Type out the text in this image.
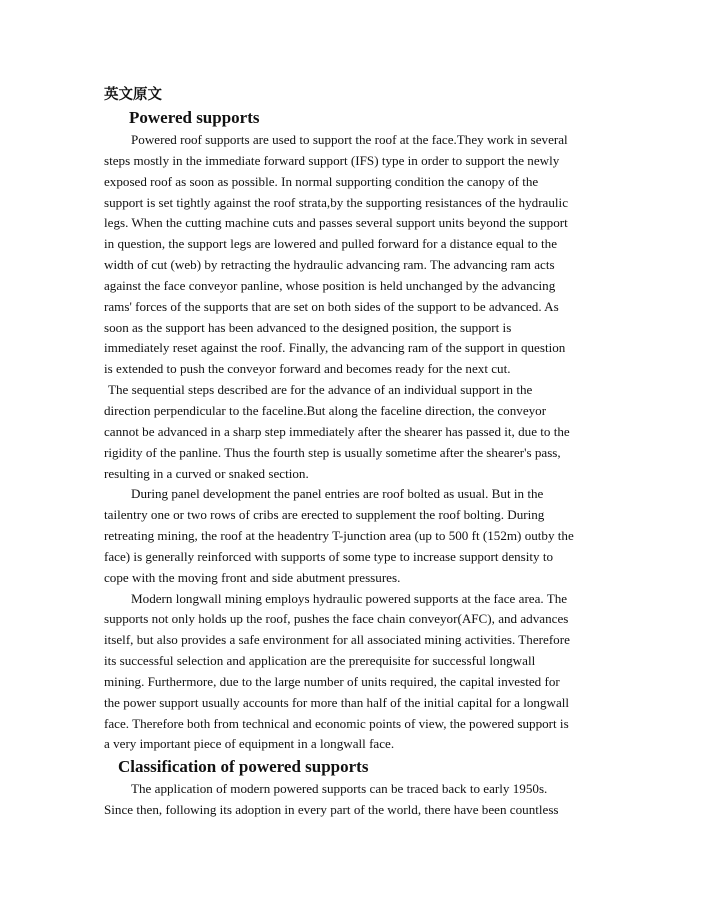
英文原文
Powered supports
Powered roof supports are used to support the roof at the face.They work in several
steps mostly in the immediate forward support (IFS) type in order to support the newly
exposed roof as soon as possible. In normal supporting condition the canopy of the
support is set tightly against the roof strata,by the supporting resistances of the hydraulic
legs. When the cutting machine cuts and passes several support units beyond the support
in question, the support legs are lowered and pulled forward for a distance equal to the
width of cut (web) by retracting the hydraulic advancing ram. The advancing ram acts
against the face conveyor panline, whose position is held unchanged by the advancing
rams' forces of the supports that are set on both sides of the support to be advanced. As
soon as the support has been advanced to the designed position, the support is
immediately reset against the roof. Finally, the advancing ram of the support in question
is extended to push the conveyor forward and becomes ready for the next cut.
The sequential steps described are for the advance of an individual support in the
direction perpendicular to the faceline.But along the faceline direction, the conveyor
cannot be advanced in a sharp step immediately after the shearer has passed it, due to the
rigidity of the panline. Thus the fourth step is usually sometime after the shearer's pass,
resulting in a curved or snaked section.
During panel development the panel entries are roof bolted as usual. But in the
tailentry one or two rows of cribs are erected to supplement the roof bolting. During
retreating mining, the roof at the headentry T-junction area (up to 500 ft (152m) outby the
face) is generally reinforced with supports of some type to increase support density to
cope with the moving front and side abutment pressures.
Modern longwall mining employs hydraulic powered supports at the face area. The
supports not only holds up the roof, pushes the face chain conveyor(AFC), and advances
itself, but also provides a safe environment for all associated mining activities. Therefore
its successful selection and application are the prerequisite for successful longwall
mining. Furthermore, due to the large number of units required, the capital invested for
the power support usually accounts for more than half of the initial capital for a longwall
face. Therefore both from technical and economic points of view, the powered support is
a very important piece of equipment in a longwall face.
Classification of powered supports
The application of modern powered supports can be traced back to early 1950s.
Since then, following its adoption in every part of the world, there have been countless
